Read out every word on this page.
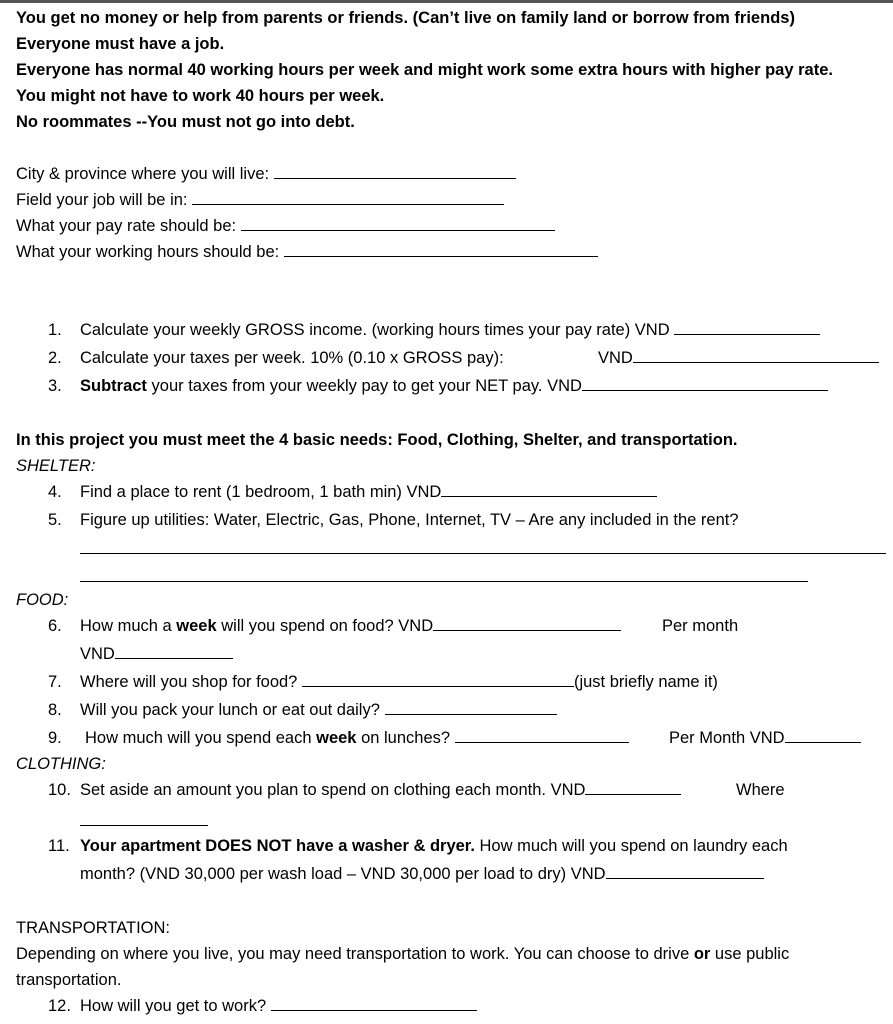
You get no money or help from parents or friends. (Can’t live on family land or borrow from friends)
Everyone must have a job.
Everyone has normal 40 working hours per week and might work some extra hours with higher pay rate.
You might not have to work 40 hours per week.
No roommates --You must not go into debt.
City & province where you will live:
Field your job will be in:
What your pay rate should be:
What your working hours should be:
1. Calculate your weekly GROSS income. (working hours times your pay rate) VND
2. Calculate your taxes per week. 10% (0.10 x GROSS pay):	VND
3. Subtract your taxes from your weekly pay to get your NET pay. VND
In this project you must meet the 4 basic needs: Food, Clothing, Shelter, and transportation.
SHELTER:
4. Find a place to rent (1 bedroom, 1 bath min) VND
5. Figure up utilities: Water, Electric, Gas, Phone, Internet, TV – Are any included in the rent?
FOOD:
6. How much a week will you spend on food? VND	Per month
VND
7. Where will you shop for food?	(just briefly name it)
8. Will you pack your lunch or eat out daily?
9. How much will you spend each week on lunches?	Per Month VND
CLOTHING:
10. Set aside an amount you plan to spend on clothing each month. VND	Where
11. Your apartment DOES NOT have a washer & dryer. How much will you spend on laundry each
month? (VND 30,000 per wash load – VND 30,000 per load to dry) VND
TRANSPORTATION:
Depending on where you live, you may need transportation to work. You can choose to drive or use public
transportation.
12. How will you get to work?
